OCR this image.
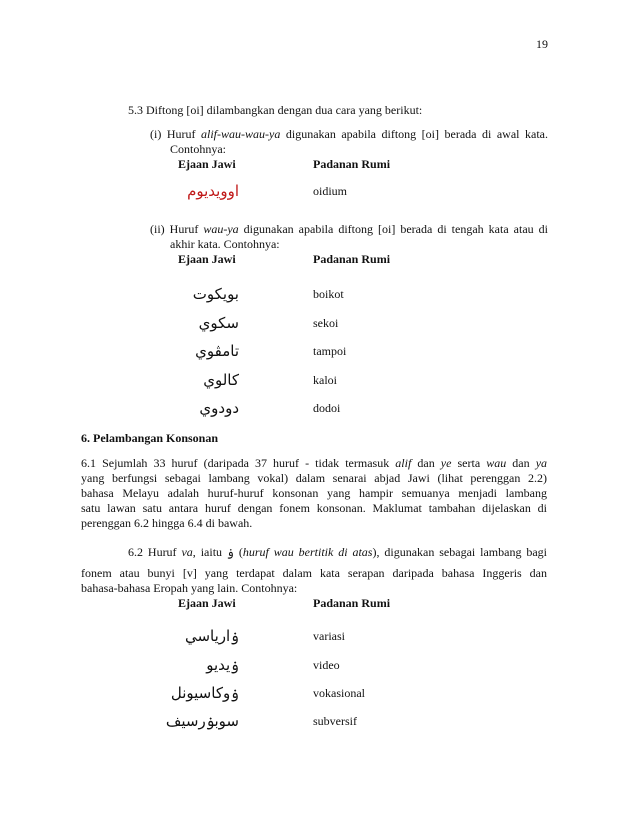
19
5.3 Diftong [oi] dilambangkan dengan dua cara yang berikut:
(i) Huruf alif-wau-wau-ya digunakan apabila diftong [oi] berada di awal kata.
Contohnya:
Ejaan Jawi	Padanan Rumi
اوويديوم	oidium
(ii) Huruf wau-ya digunakan apabila diftong [oi] berada di tengah kata atau di
akhir kata. Contohnya:
Ejaan Jawi	Padanan Rumi
بويكوت	boikot
سكوي	sekoi
تامڤوي	tampoi
كالوي	kaloi
دودوي	dodoi
6. Pelambangan Konsonan
6.1 Sejumlah 33 huruf (daripada 37 huruf - tidak termasuk alif dan ye serta wau dan ya
yang berfungsi sebagai lambang vokal) dalam senarai abjad Jawi (lihat perenggan 2.2)
bahasa Melayu adalah huruf-huruf konsonan yang hampir semuanya menjadi lambang
satu lawan satu antara huruf dengan fonem konsonan. Maklumat tambahan dijelaskan di
perenggan 6.2 hingga 6.4 di bawah.
6.2 Huruf va, iaitu ۏ (huruf wau bertitik di atas), digunakan sebagai lambang bagi
fonem atau bunyi [v] yang terdapat dalam kata serapan daripada bahasa Inggeris dan
bahasa-bahasa Eropah yang lain. Contohnya:
Ejaan Jawi	Padanan Rumi
ۏارياسي	variasi
ۏيديو	video
ۏوكاسيونل	vokasional
سوبۏرسيف	subversif
